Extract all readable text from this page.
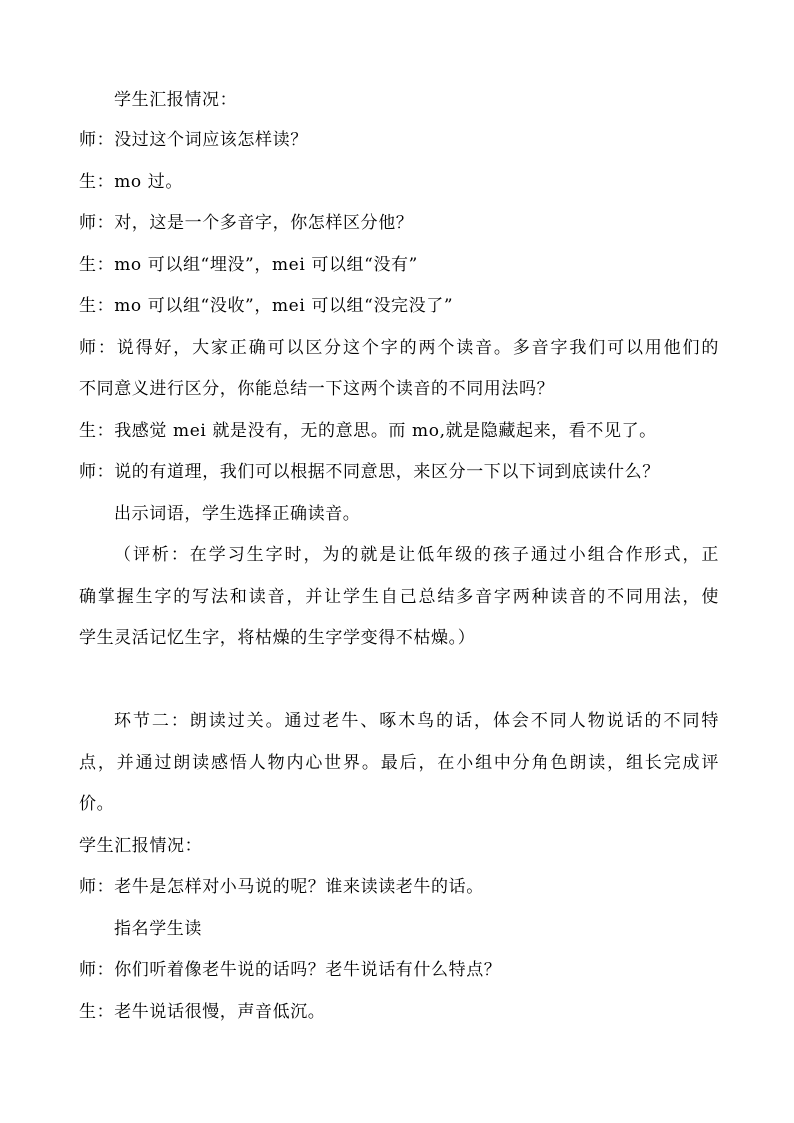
学生汇报情况：
师：没过这个词应该怎样读？
生：mo 过。
师：对，这是一个多音字，你怎样区分他？
生：mo 可以组“埋没”，mei 可以组“没有”
生：mo 可以组“没收”，mei 可以组“没完没了”
师：说得好，大家正确可以区分这个字的两个读音。多音字我们可以用他们的
不同意义进行区分，你能总结一下这两个读音的不同用法吗？
生：我感觉 mei 就是没有，无的意思。而 mo,就是隐藏起来，看不见了。
师：说的有道理，我们可以根据不同意思，来区分一下以下词到底读什么？
出示词语，学生选择正确读音。
（评析：在学习生字时，为的就是让低年级的孩子通过小组合作形式，正
确掌握生字的写法和读音，并让学生自己总结多音字两种读音的不同用法，使
学生灵活记忆生字，将枯燥的生字学变得不枯燥。）
环节二：朗读过关。通过老牛、啄木鸟的话，体会不同人物说话的不同特
点，并通过朗读感悟人物内心世界。最后，在小组中分角色朗读，组长完成评
价。
学生汇报情况：
师：老牛是怎样对小马说的呢？谁来读读老牛的话。
指名学生读
师：你们听着像老牛说的话吗？老牛说话有什么特点？
生：老牛说话很慢，声音低沉。
